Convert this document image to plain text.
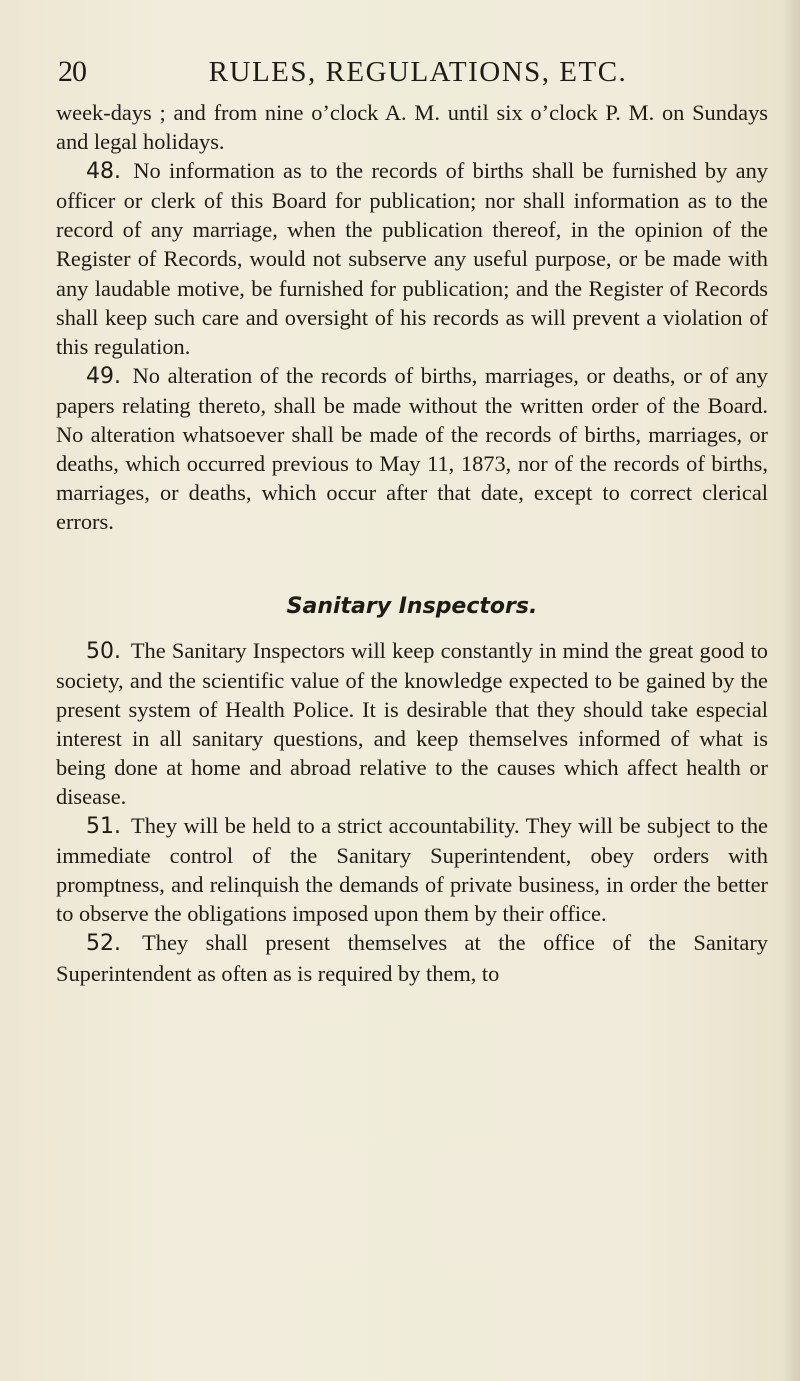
20	RULES, REGULATIONS, ETC.

week-days ; and from nine o’clock A. M. until six o’clock P. M. on Sundays and legal holidays.

48. No information as to the records of births shall be furnished by any officer or clerk of this Board for publication; nor shall information as to the record of any marriage, when the publication thereof, in the opinion of the Register of Records, would not subserve any useful purpose, or be made with any laudable motive, be furnished for publication; and the Register of Records shall keep such care and oversight of his records as will prevent a violation of this regulation.

49. No alteration of the records of births, marriages, or deaths, or of any papers relating thereto, shall be made without the written order of the Board. No alteration whatsoever shall be made of the records of births, marriages, or deaths, which occurred previous to May 11, 1873, nor of the records of births, marriages, or deaths, which occur after that date, except to correct clerical errors.

Sanitary Inspectors.

50. The Sanitary Inspectors will keep constantly in mind the great good to society, and the scientific value of the knowledge expected to be gained by the present system of Health Police. It is desirable that they should take especial interest in all sanitary questions, and keep themselves informed of what is being done at home and abroad relative to the causes which affect health or disease.

51. They will be held to a strict accountability. They will be subject to the immediate control of the Sanitary Superintendent, obey orders with promptness, and relinquish the demands of private business, in order the better to observe the obligations imposed upon them by their office.

52. They shall present themselves at the office of the Sanitary Superintendent as often as is required by them, to
